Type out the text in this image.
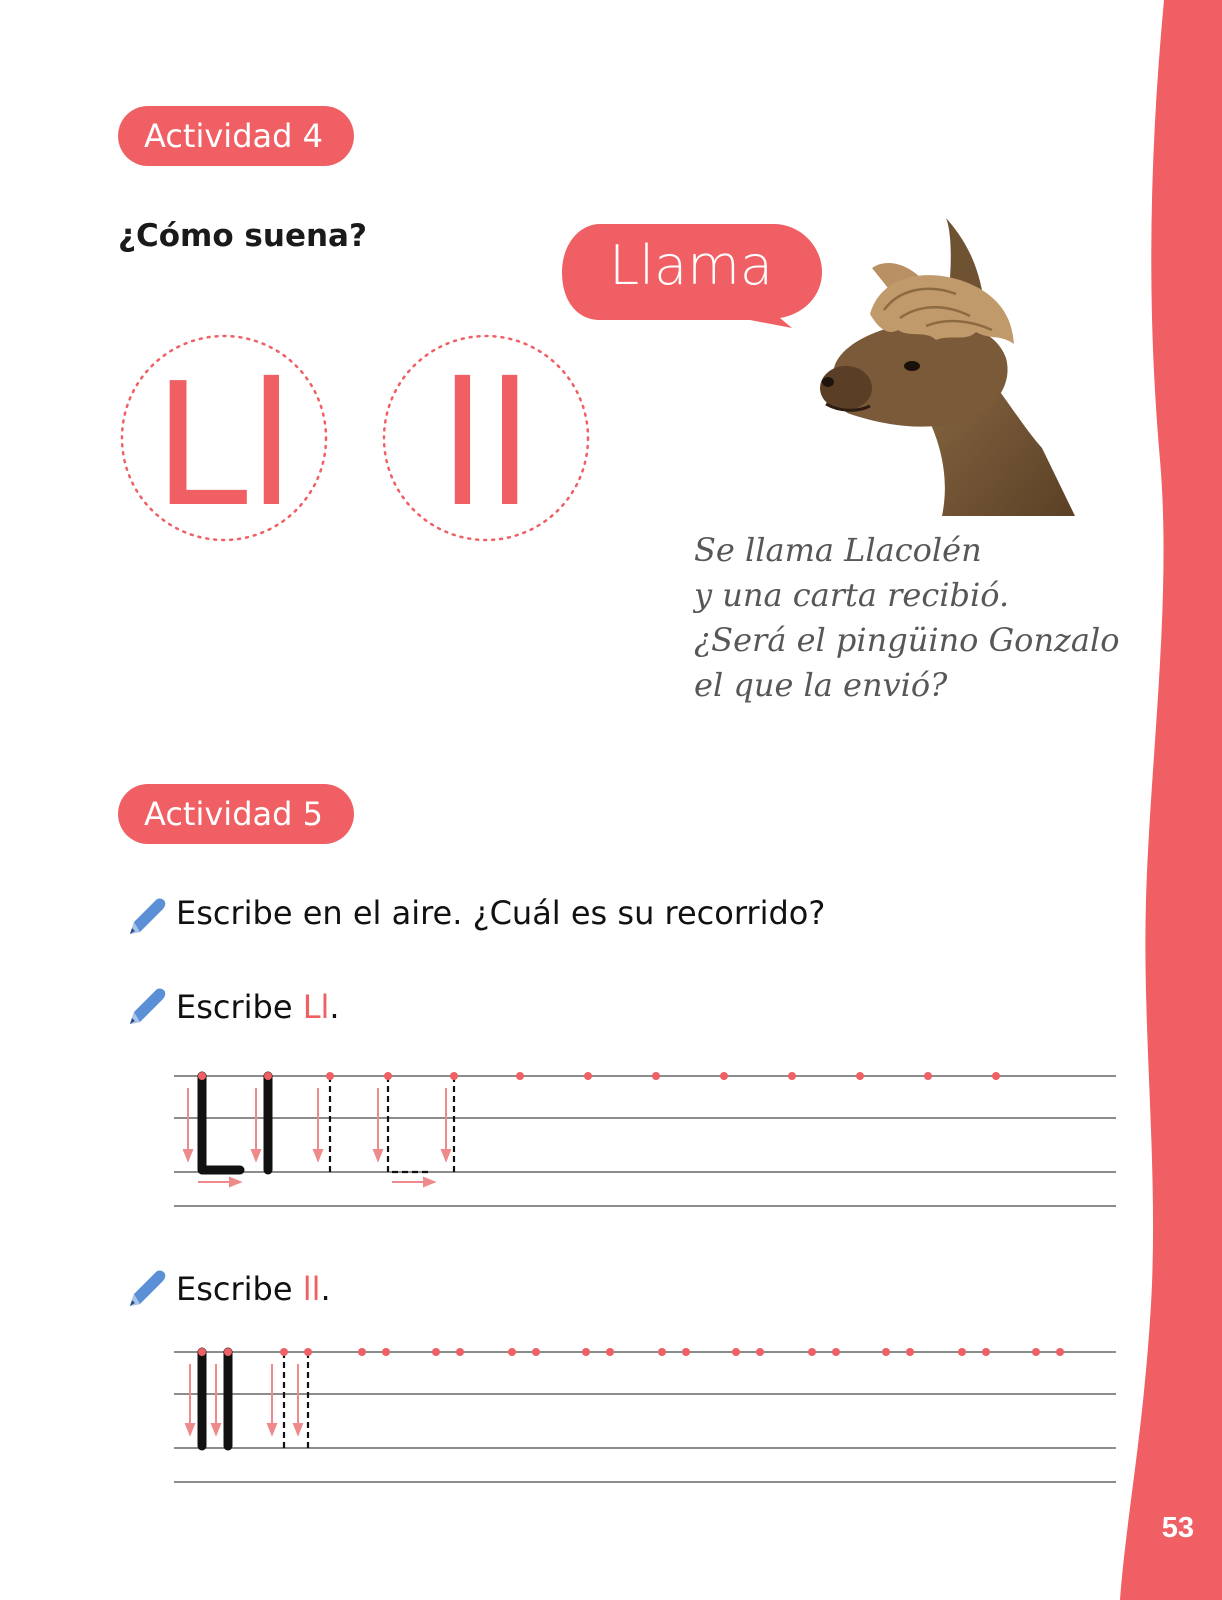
53
Actividad 4
¿Cómo suena?
Ll ll
Llama
Se llama Llacolén
y una carta recibió.
¿Será el pingüino Gonzalo
el que la envió?
Actividad 5
Escribe en el aire. ¿Cuál es su recorrido?
Escribe Ll.
Escribe ll.
